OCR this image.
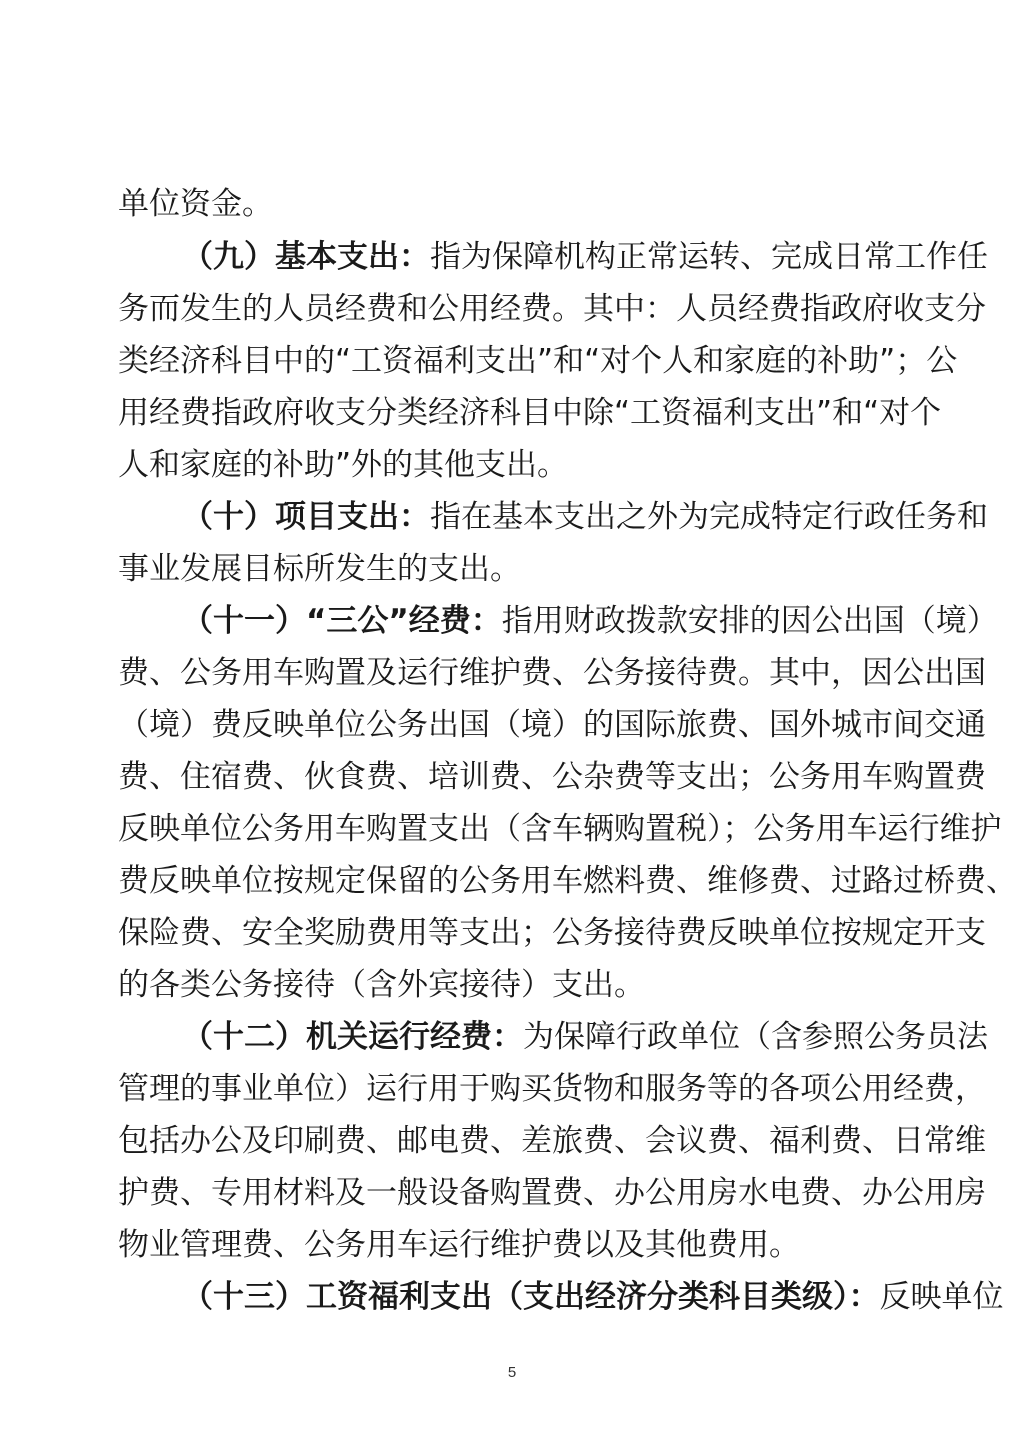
单位资金。
（九）基本支出：指为保障机构正常运转、完成日常工作任
务而发生的人员经费和公用经费。其中：人员经费指政府收支分
类经济科目中的“工资福利支出”和“对个人和家庭的补助”；公
用经费指政府收支分类经济科目中除“工资福利支出”和“对个
人和家庭的补助”外的其他支出。
（十）项目支出：指在基本支出之外为完成特定行政任务和
事业发展目标所发生的支出。
（十一）“三公”经费：指用财政拨款安排的因公出国（境）
费、公务用车购置及运行维护费、公务接待费。其中，因公出国
（境）费反映单位公务出国（境）的国际旅费、国外城市间交通
费、住宿费、伙食费、培训费、公杂费等支出；公务用车购置费
反映单位公务用车购置支出（含车辆购置税）；公务用车运行维护
费反映单位按规定保留的公务用车燃料费、维修费、过路过桥费、
保险费、安全奖励费用等支出；公务接待费反映单位按规定开支
的各类公务接待（含外宾接待）支出。
（十二）机关运行经费：为保障行政单位（含参照公务员法
管理的事业单位）运行用于购买货物和服务等的各项公用经费，
包括办公及印刷费、邮电费、差旅费、会议费、福利费、日常维
护费、专用材料及一般设备购置费、办公用房水电费、办公用房
物业管理费、公务用车运行维护费以及其他费用。
（十三）工资福利支出（支出经济分类科目类级）：反映单位
5
